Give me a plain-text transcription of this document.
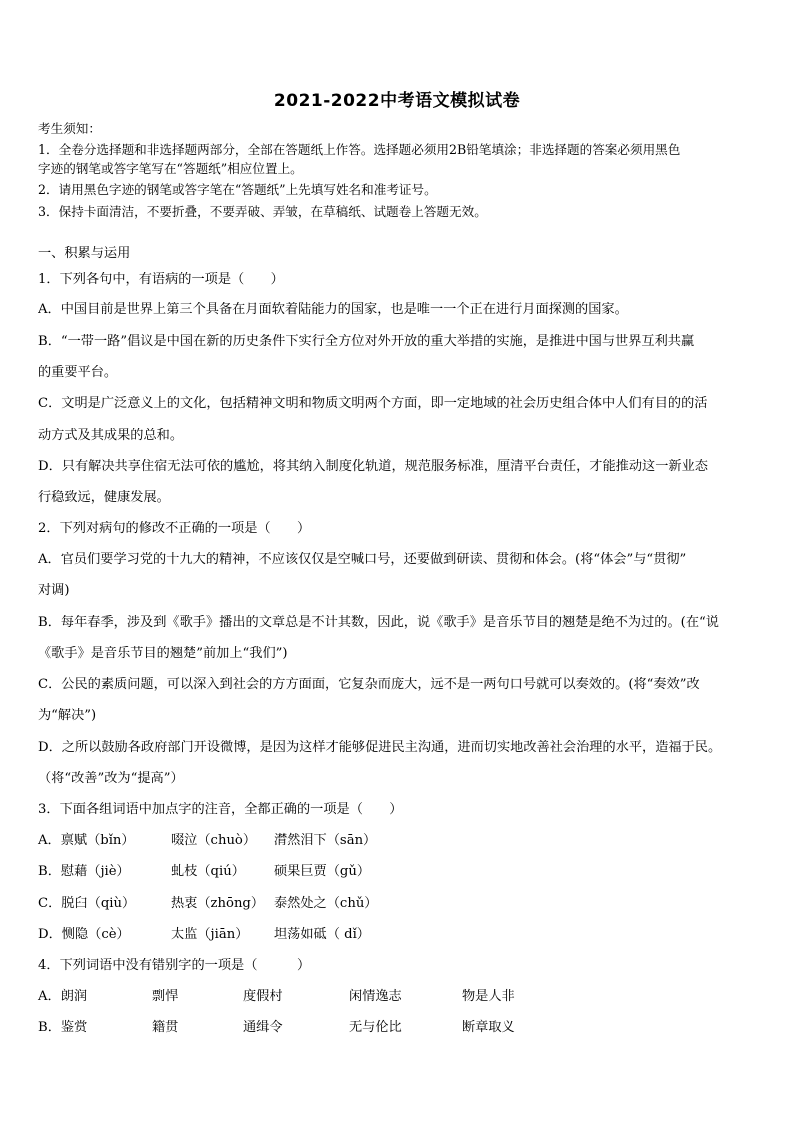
2021-2022中考语文模拟试卷
考生须知：
1．全卷分选择题和非选择题两部分，全部在答题纸上作答。选择题必须用2B铅笔填涂；非选择题的答案必须用黑色
字迹的钢笔或答字笔写在“答题纸”相应位置上。
2．请用黑色字迹的钢笔或答字笔在“答题纸”上先填写姓名和准考证号。
3．保持卡面清洁，不要折叠，不要弄破、弄皱，在草稿纸、试题卷上答题无效。
一、积累与运用
1．下列各句中，有语病的一项是（　　）
A．中国目前是世界上第三个具备在月面软着陆能力的国家，也是唯一一个正在进行月面探测的国家。
B．“一带一路”倡议是中国在新的历史条件下实行全方位对外开放的重大举措的实施，是推进中国与世界互利共赢
的重要平台。
C．文明是广泛意义上的文化，包括精神文明和物质文明两个方面，即一定地域的社会历史组合体中人们有目的的活
动方式及其成果的总和。
D．只有解决共享住宿无法可依的尴尬，将其纳入制度化轨道，规范服务标准，厘清平台责任，才能推动这一新业态
行稳致远，健康发展。
2．下列对病句的修改不正确的一项是（　　）
A．官员们要学习党的十九大的精神，不应该仅仅是空喊口号，还要做到研读、贯彻和体会。(将“体会”与“贯彻”
对调)
B．每年春季，涉及到《歌手》播出的文章总是不计其数，因此，说《歌手》是音乐节目的翘楚是绝不为过的。(在“说
《歌手》是音乐节目的翘楚”前加上“我们”)
C．公民的素质问题，可以深入到社会的方方面面，它复杂而庞大，远不是一两句口号就可以奏效的。(将“奏效”改
为“解决”)
D．之所以鼓励各政府部门开设微博，是因为这样才能够促进民主沟通，进而切实地改善社会治理的水平，造福于民。
（将“改善”改为“提高”）
3．下面各组词语中加点字的注音，全都正确的一项是（　　）
A．禀赋（bǐn）	啜泣（chuò） 潸然泪下（sān）
B．慰藉（jiè）	虬枝（qiú） 硕果巨贾（gǔ）
C．脱臼（qiù）	热衷（zhōng） 泰然处之（chǔ）
D．恻隐（cè）	太监（jiān） 坦荡如砥（ dǐ）
4．下列词语中没有错别字的一项是（　　　）
A．朗润	剽悍	度假村	闲情逸志	物是人非
B．鉴赏	籍贯	通缉令	无与伦比	断章取义
